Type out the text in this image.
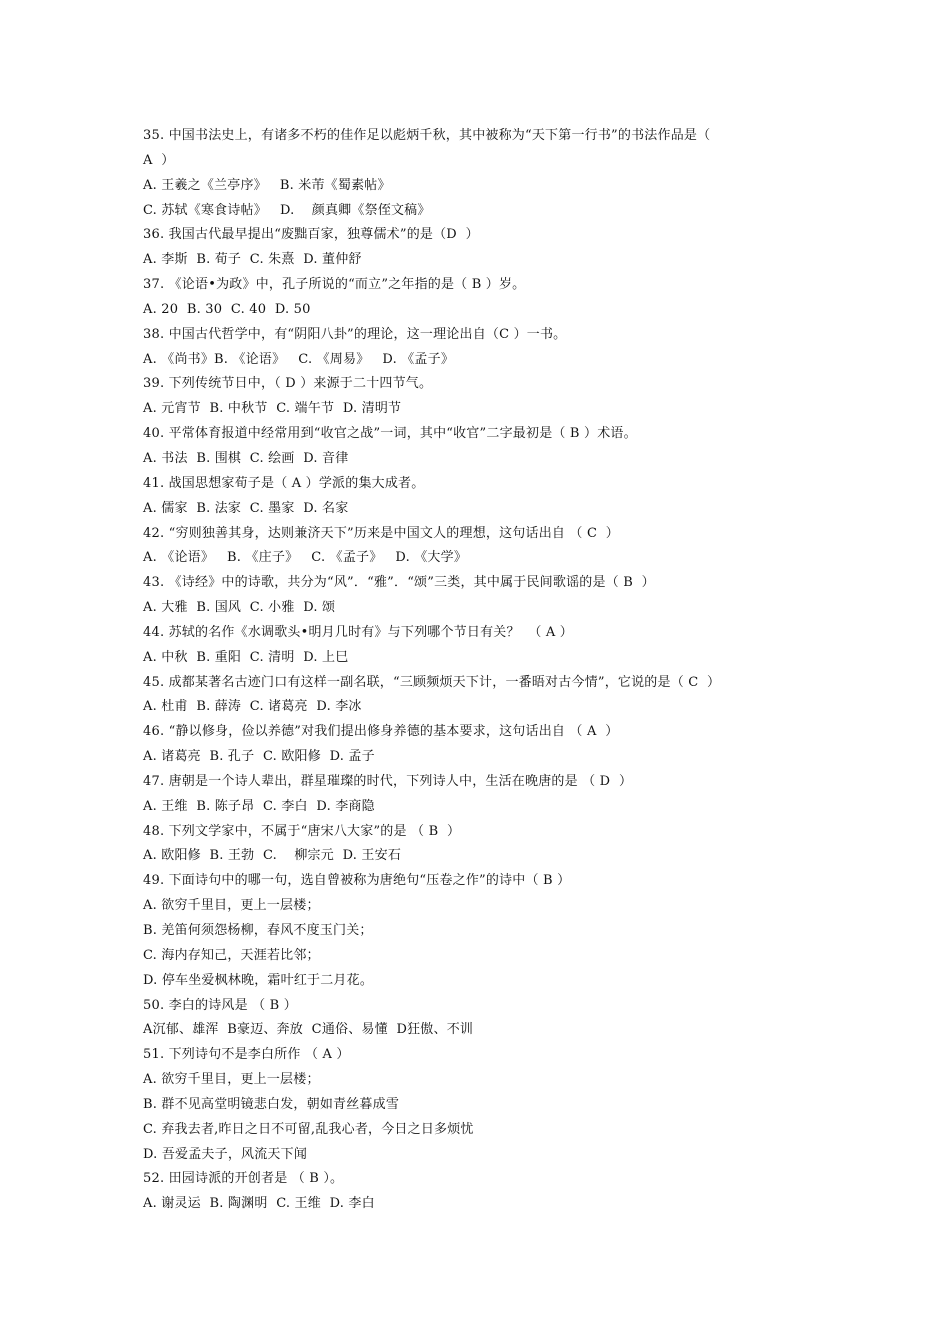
35. 中国书法史上，有诸多不朽的佳作足以彪炳千秋，其中被称为“天下第一行书”的书法作品是（
A  ）
A. 王羲之《兰亭序》   B. 米芾《蜀素帖》
C. 苏轼《寒食诗帖》   D.    颜真卿《祭侄文稿》
36. 我国古代最早提出“废黜百家，独尊儒术”的是（D  ）
A. 李斯  B. 荀子  C. 朱熹  D. 董仲舒
37. 《论语•为政》中，孔子所说的“而立”之年指的是（ B ）岁。
A. 20  B. 30  C. 40  D. 50
38. 中国古代哲学中，有“阴阳八卦”的理论，这一理论出自（C ）一书。
A. 《尚书》B. 《论语》   C. 《周易》   D. 《孟子》
39. 下列传统节日中，（ D ）来源于二十四节气。
A. 元宵节  B. 中秋节  C. 端午节  D. 清明节
40. 平常体育报道中经常用到“收官之战”一词，其中“收官”二字最初是（ B ）术语。
A. 书法  B. 围棋  C. 绘画  D. 音律
41. 战国思想家荀子是（ A ）学派的集大成者。
A. 儒家  B. 法家  C. 墨家  D. 名家
42. “穷则独善其身，达则兼济天下”历来是中国文人的理想，这句话出自 （ C  ）
A. 《论语》   B. 《庄子》   C. 《孟子》   D. 《大学》
43. 《诗经》中的诗歌，共分为“风”．“雅”．“颂”三类，其中属于民间歌谣的是（ B  ）
A. 大雅  B. 国风  C. 小雅  D. 颂
44. 苏轼的名作《水调歌头•明月几时有》与下列哪个节日有关？  （ A ）
A. 中秋  B. 重阳  C. 清明  D. 上巳
45. 成都某著名古迹门口有这样一副名联，“三顾频烦天下计，一番晤对古今情”，它说的是（ C  ）
A. 杜甫  B. 薛涛  C. 诸葛亮  D. 李冰
46. “静以修身，俭以养德”对我们提出修身养德的基本要求，这句话出自 （ A  ）
A. 诸葛亮  B. 孔子  C. 欧阳修  D. 孟子
47. 唐朝是一个诗人辈出，群星璀璨的时代，下列诗人中，生活在晚唐的是 （ D  ）
A. 王维  B. 陈子昂  C. 李白  D. 李商隐
48. 下列文学家中，不属于“唐宋八大家”的是 （ B  ）
A. 欧阳修  B. 王勃  C.    柳宗元  D. 王安石
49. 下面诗句中的哪一句，选自曾被称为唐绝句“压卷之作”的诗中（ B ）
A. 欲穷千里目，更上一层楼；
B. 羌笛何须怨杨柳，春风不度玉门关；
C. 海内存知己，天涯若比邻；
D. 停车坐爱枫林晚，霜叶红于二月花。
50. 李白的诗风是 （ B ）
A沉郁、雄浑  B豪迈、奔放  C通俗、易懂  D狂傲、不训
51. 下列诗句不是李白所作 （ A ）
A. 欲穷千里目，更上一层楼；
B. 群不见高堂明镜悲白发，朝如青丝暮成雪
C. 弃我去者,昨日之日不可留,乱我心者，今日之日多烦忧
D. 吾爱孟夫子，风流天下闻
52. 田园诗派的开创者是 （ B ）。
A. 谢灵运  B. 陶渊明  C. 王维  D. 李白
